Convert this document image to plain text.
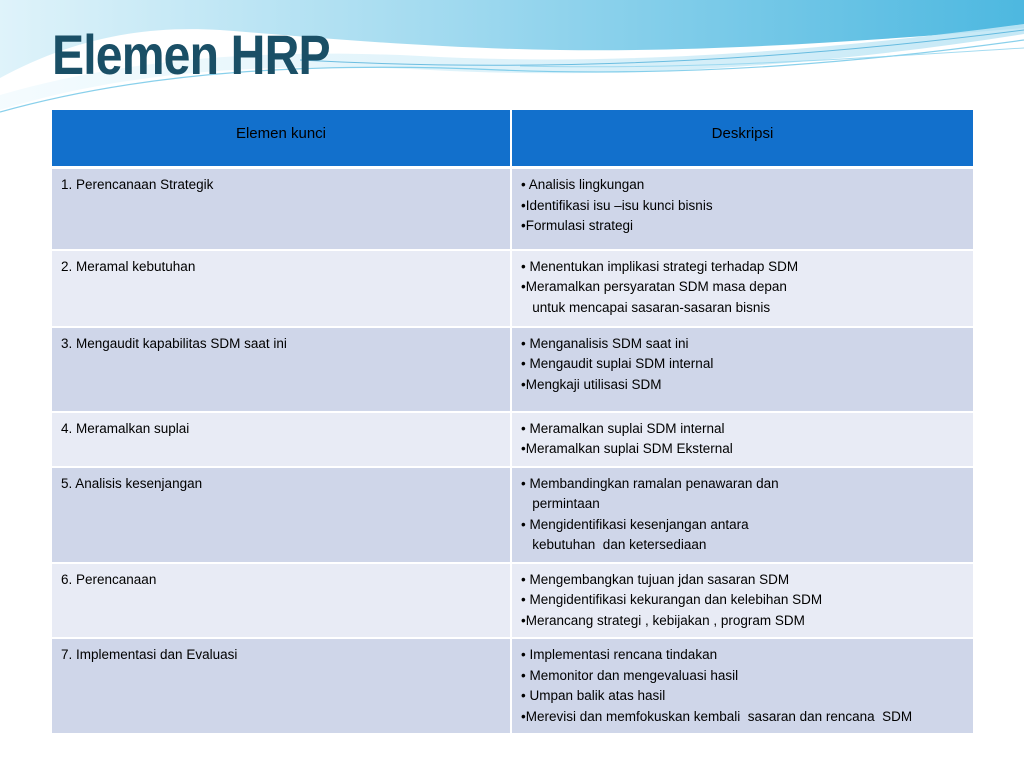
Elemen HRP
Elemen kunci	Deskripsi
1. Perencanaan Strategik	• Analisis lingkungan
•Identifikasi isu –isu kunci bisnis
•Formulasi strategi

2. Meramal kebutuhan	• Menentukan implikasi strategi terhadap SDM
•Meramalkan persyaratan SDM masa depan
untuk mencapai sasaran-sasaran bisnis

3. Mengaudit kapabilitas SDM saat ini	• Menganalisis SDM saat ini
• Mengaudit suplai SDM internal
•Mengkaji utilisasi SDM

4. Meramalkan suplai	• Meramalkan suplai SDM internal
•Meramalkan suplai SDM Eksternal

5. Analisis kesenjangan	• Membandingkan ramalan penawaran dan
permintaan
• Mengidentifikasi kesenjangan antara
kebutuhan  dan ketersediaan

6. Perencanaan	• Mengembangkan tujuan jdan sasaran SDM
• Mengidentifikasi kekurangan dan kelebihan SDM
•Merancang strategi , kebijakan , program SDM

7. Implementasi dan Evaluasi	• Implementasi rencana tindakan
• Memonitor dan mengevaluasi hasil
• Umpan balik atas hasil
•Merevisi dan memfokuskan kembali  sasaran dan rencana  SDM
